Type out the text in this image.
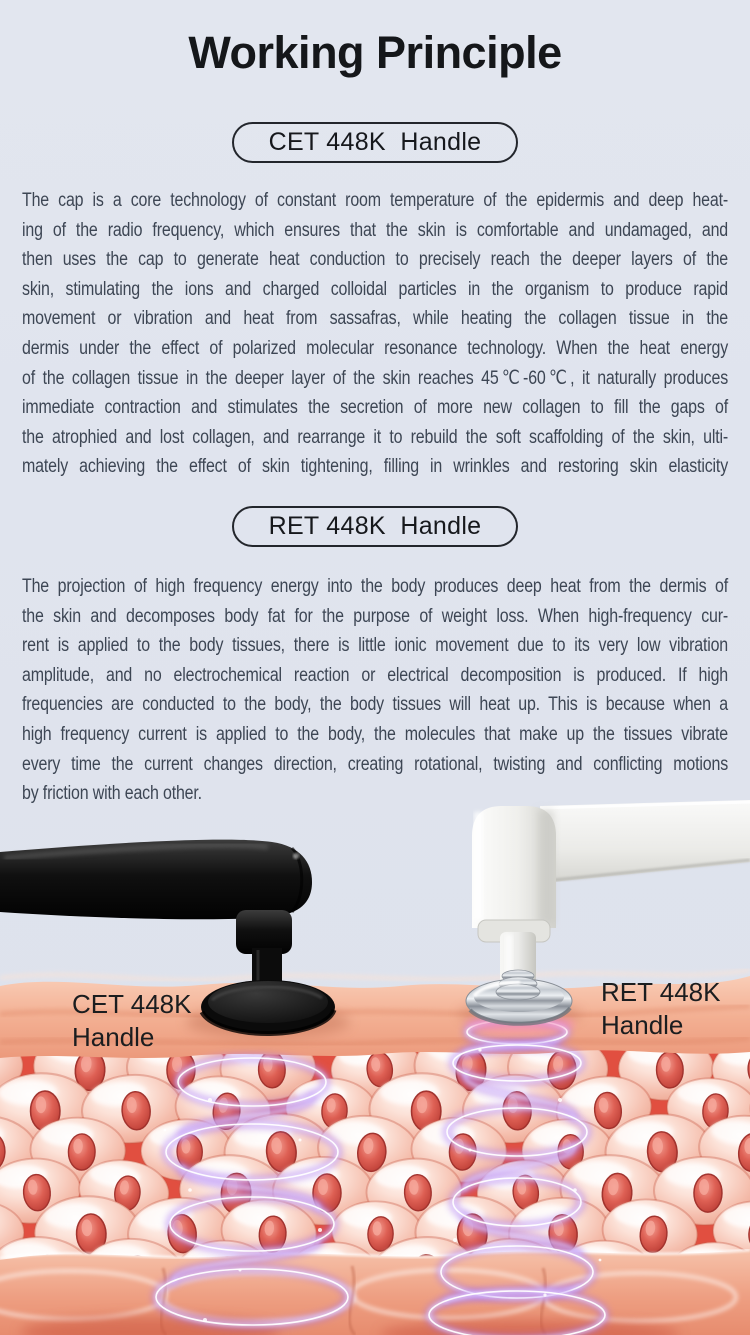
Working Principle
CET 448K  Handle
The cap is a core technology of constant room temperature of the epidermis and deep heat-
ing of the radio frequency, which ensures that the skin is comfortable and undamaged, and
then uses the cap to generate heat conduction to precisely reach the deeper layers of the
skin, stimulating the ions and charged colloidal particles in the organism to produce rapid
movement or vibration and heat from sassafras, while heating the collagen tissue in the
dermis under the effect of polarized molecular resonance technology. When the heat energy
of the collagen tissue in the deeper layer of the skin reaches 45℃-60℃, it naturally produces
immediate contraction and stimulates the secretion of more new collagen to fill the gaps of
the atrophied and lost collagen, and rearrange it to rebuild the soft scaffolding of the skin, ulti-
mately achieving the effect of skin tightening, filling in wrinkles and restoring skin elasticity
RET 448K  Handle
The projection of high frequency energy into the body produces deep heat from the dermis of
the skin and decomposes body fat for the purpose of weight loss. When high-frequency cur-
rent is applied to the body tissues, there is little ionic movement due to its very low vibration
amplitude, and no electrochemical reaction or electrical decomposition is produced. If high
frequencies are conducted to the body, the body tissues will heat up. This is because when a
high frequency current is applied to the body, the molecules that make up the tissues vibrate
every time the current changes direction, creating rotational, twisting and conflicting motions
by friction with each other.
CET 448K
Handle
RET 448K
Handle
